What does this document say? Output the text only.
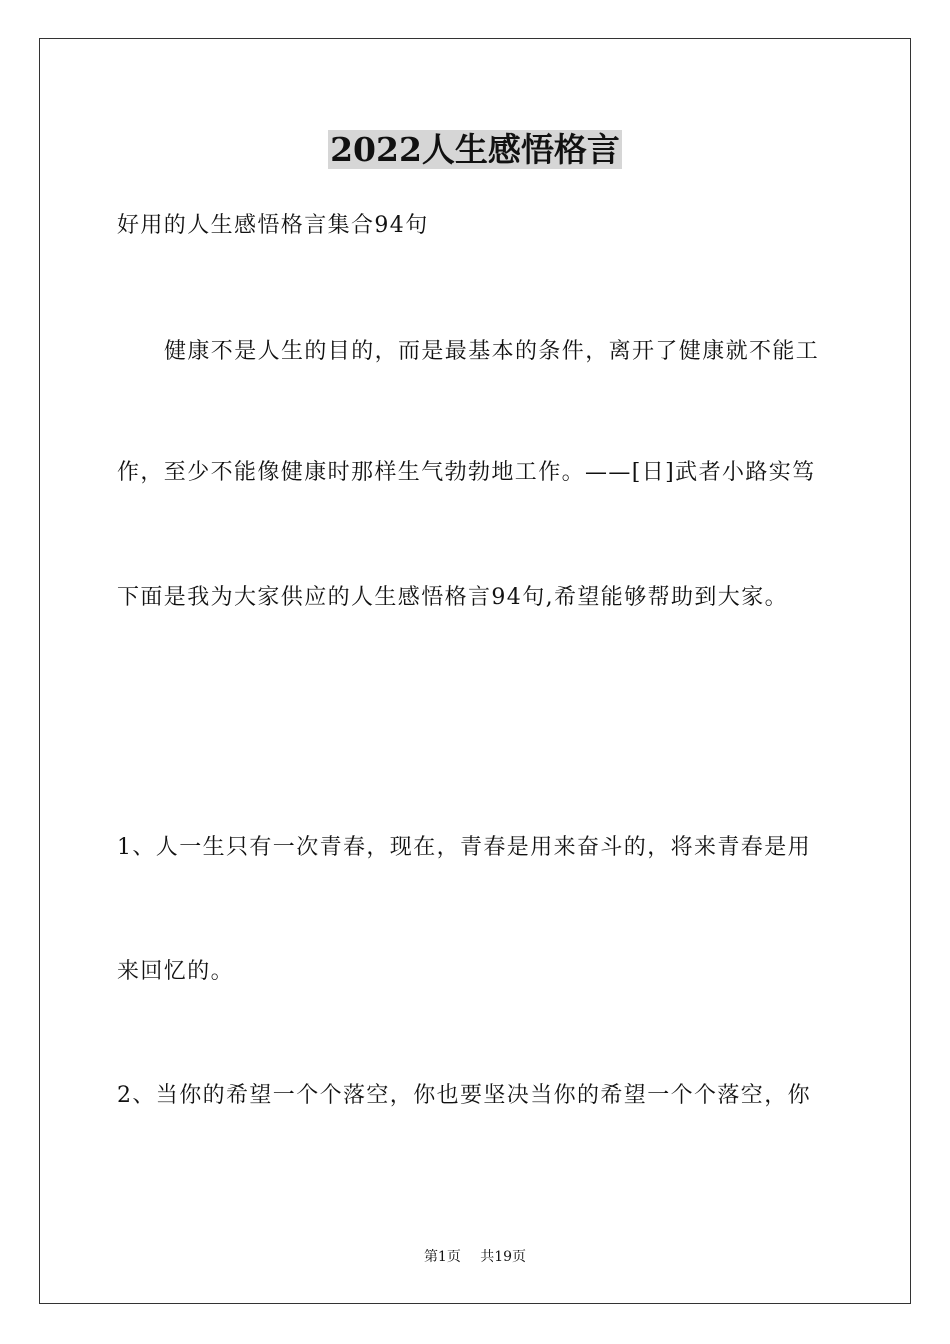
2022人生感悟格言
好用的人生感悟格言集合94句
健康不是人生的目的，而是最基本的条件，离开了健康就不能工
作，至少不能像健康时那样生气勃勃地工作。——[日]武者小路实笃
下面是我为大家供应的人生感悟格言94句,希望能够帮助到大家。
1、人一生只有一次青春，现在，青春是用来奋斗的，将来青春是用
来回忆的。
2、当你的希望一个个落空，你也要坚决当你的希望一个个落空，你
第1页 共19页
